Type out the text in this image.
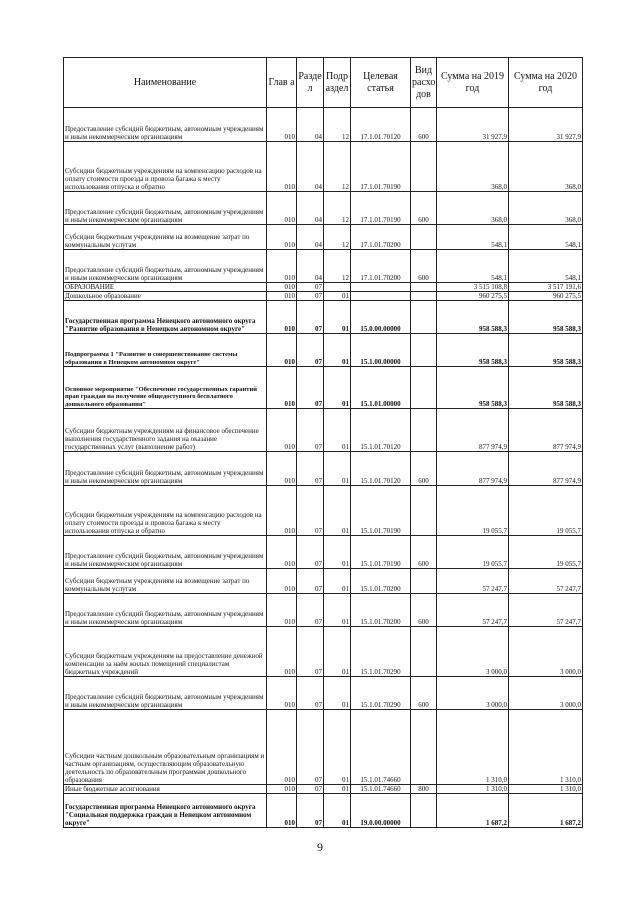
Наименование	Глав а	Разде л	Подр аздел	Целевая статья	Вид расхо дов	Сумма на 2019 год	Сумма на 2020 год
Предоставление субсидий бюджетным, автономным учреждениям и иным некоммерческим организациям	010	04	12	17.1.01.70120	600	31 927,9	31 927,9
Субсидии бюджетным учреждениям на компенсацию расходов на оплату стоимости проезда и провоза багажа к месту использования отпуска и обратно	010	04	12	17.1.01.70190		368,0	368,0
Предоставление субсидий бюджетным, автономным учреждениям и иным некоммерческим организациям	010	04	12	17.1.01.70190	600	368,0	368,0
Субсидии бюджетным учреждениям на возмещение затрат по коммунальным услугам	010	04	12	17.1.01.70200		548,1	548,1
Предоставление субсидий бюджетным, автономным учреждениям и иным некоммерческим организациям	010	04	12	17.1.01.70200	600	548,1	548,1
ОБРАЗОВАНИЕ	010	07				3 515 108,8	3 517 191,6
Дошкольное образование	010	07	01			960 275,5	960 275,5
Государственная программа Ненецкого автономного округа "Развитие образования в Ненецком автономном округе"	010	07	01	15.0.00.00000		958 588,3	958 588,3
Подпрограмма 1 "Развитие и совершенствование системы образования в Ненецком автономном округе"	010	07	01	15.1.00.00000		958 588,3	958 588,3
Основное мероприятие "Обеспечение государственных гарантий прав граждан на получение общедоступного бесплатного дошкольного образования"	010	07	01	15.1.01.00000		958 588,3	958 588,3
Субсидии бюджетным учреждениям на финансовое обеспечение выполнения государственного задания на оказание государственных услуг (выполнение работ)	010	07	01	15.1.01.70120		877 974,9	877 974,9
Предоставление субсидий бюджетным, автономным учреждениям и иным некоммерческим организациям	010	07	01	15.1.01.70120	600	877 974,9	877 974,9
Субсидии бюджетным учреждениям на компенсацию расходов на оплату стоимости проезда и провоза багажа к месту использования отпуска и обратно	010	07	01	15.1.01.70190		19 055,7	19 055,7
Предоставление субсидий бюджетным, автономным учреждениям и иным некоммерческим организациям	010	07	01	15.1.01.70190	600	19 055,7	19 055,7
Субсидии бюджетным учреждениям на возмещение затрат по коммунальным услугам	010	07	01	15.1.01.70200		57 247,7	57 247,7
Предоставление субсидий бюджетным, автономным учреждениям и иным некоммерческим организациям	010	07	01	15.1.01.70200	600	57 247,7	57 247,7
Субсидии бюджетным учреждениям на предоставление денежной компенсации за наём жилых помещений специалистам бюджетных учреждений	010	07	01	15.1.01.70290		3 000,0	3 000,0
Предоставление субсидий бюджетным, автономным учреждениям и иным некоммерческим организациям	010	07	01	15.1.01.70290	600	3 000,0	3 000,0
Субсидии частным дошкольным образовательным организациям и частным организациям, осуществляющим образовательную деятельность по образовательным программам дошкольного образования	010	07	01	15.1.01.74660		1 310,0	1 310,0
Иные бюджетные ассигнования	010	07	01	15.1.01.74660	800	1 310,0	1 310,0
Государственная программа Ненецкого автономного округа "Социальная поддержка граждан в Ненецком автономном округе"	010	07	01	19.0.00.00000		1 687,2	1 687,2
9
